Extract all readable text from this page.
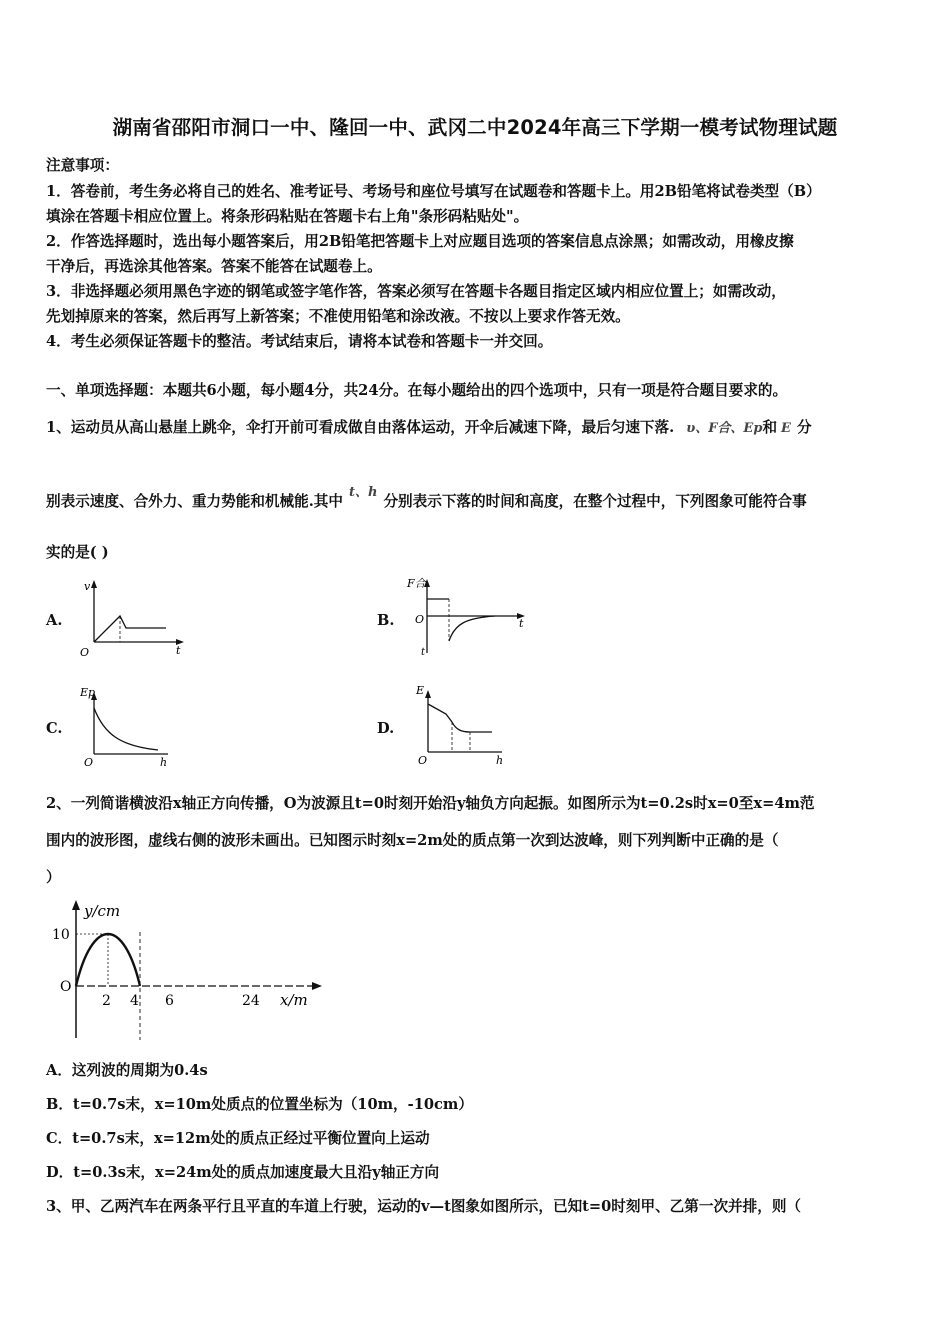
湖南省邵阳市洞口一中、隆回一中、武冈二中2024年高三下学期一模考试物理试题
注意事项：
1．答卷前，考生务必将自己的姓名、准考证号、考场号和座位号填写在试题卷和答题卡上。用2B铅笔将试卷类型（B）
填涂在答题卡相应位置上。将条形码粘贴在答题卡右上角"条形码粘贴处"。
2．作答选择题时，选出每小题答案后，用2B铅笔把答题卡上对应题目选项的答案信息点涂黑；如需改动，用橡皮擦
干净后，再选涂其他答案。答案不能答在试题卷上。
3．非选择题必须用黑色字迹的钢笔或签字笔作答，答案必须写在答题卡各题目指定区域内相应位置上；如需改动，
先划掉原来的答案，然后再写上新答案；不准使用铅笔和涂改液。不按以上要求作答无效。
4．考生必须保证答题卡的整洁。考试结束后，请将本试卷和答题卡一并交回。
一、单项选择题：本题共6小题，每小题4分，共24分。在每小题给出的四个选项中，只有一项是符合题目要求的。
1、运动员从高山悬崖上跳伞，伞打开前可看成做自由落体运动，开伞后减速下降，最后匀速下落. υ、F合、Ep和 E 分
别表示速度、合外力、重力势能和机械能.其中t、h分别表示下落的时间和高度，在整个过程中，下列图象可能符合事
实的是( )
A.	B.
C.	D.
O
v
t
F合
O	t
t
Ep
O	h
E
O	h
2、一列简谐横波沿x轴正方向传播，O为波源且t=0时刻开始沿y轴负方向起振。如图所示为t=0.2s时x=0至x=4m范
围内的波形图，虚线右侧的波形未画出。已知图示时刻x=2m处的质点第一次到达波峰，则下列判断中正确的是（
）
y/cm
10
O
2 4 6	24 x/m
A．这列波的周期为0.4s
B．t=0.7s末，x=10m处质点的位置坐标为（10m，-10cm）
C．t=0.7s末，x=12m处的质点正经过平衡位置向上运动
D．t=0.3s末，x=24m处的质点加速度最大且沿y轴正方向
3、甲、乙两汽车在两条平行且平直的车道上行驶，运动的v—t图象如图所示，已知t=0时刻甲、乙第一次并排，则（
